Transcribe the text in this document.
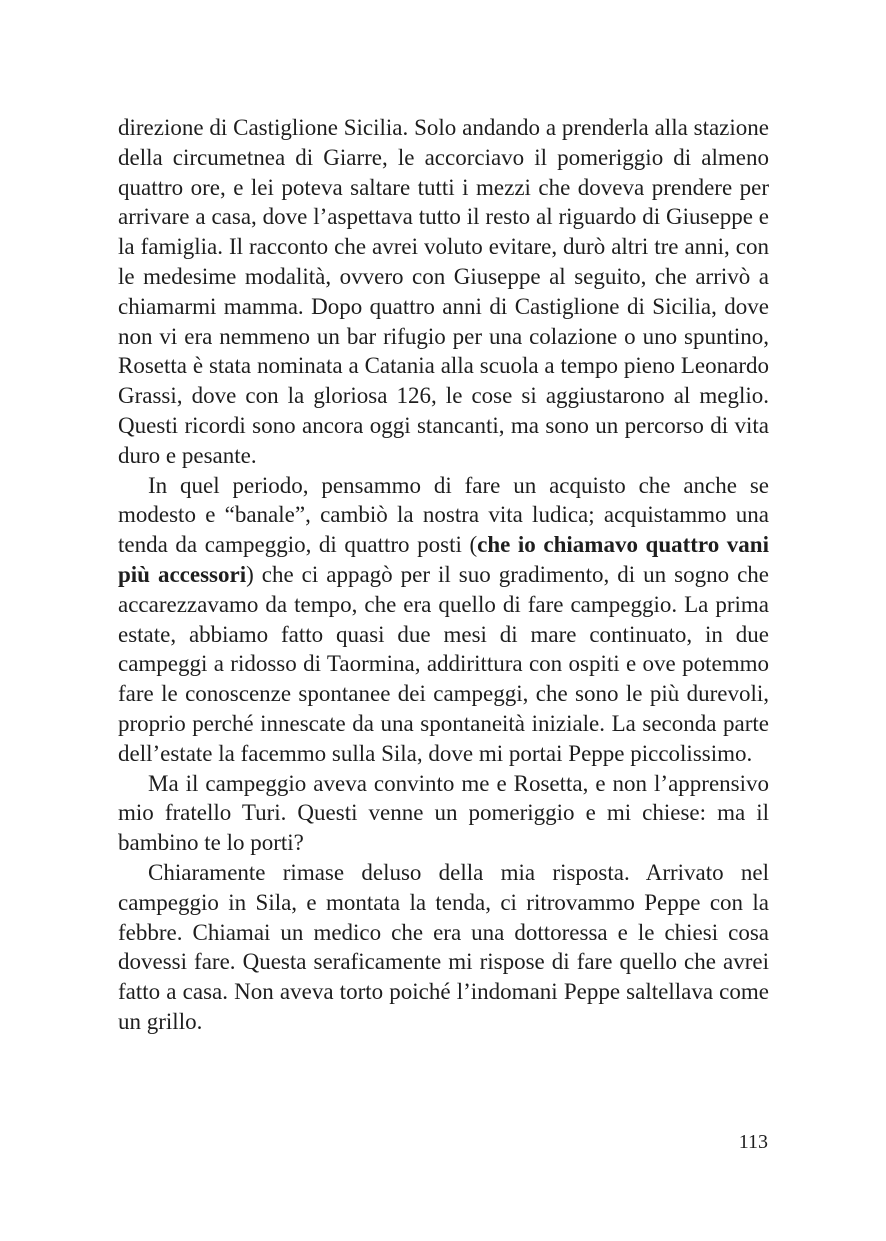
direzione di Castiglione Sicilia. Solo andando a prenderla alla stazione della circumetnea di Giarre, le accorciavo il pomeriggio di almeno quattro ore, e lei poteva saltare tutti i mezzi che doveva prendere per arrivare a casa, dove l’aspettava tutto il resto al riguardo di Giuseppe e la famiglia. Il racconto che avrei voluto evitare, durò altri tre anni, con le medesime modalità, ovvero con Giuseppe al seguito, che arrivò a chiamarmi mamma. Dopo quattro anni di Castiglione di Sicilia, dove non vi era nemmeno un bar rifugio per una colazione o uno spuntino, Rosetta è stata nominata a Catania alla scuola a tempo pieno Leonardo Grassi, dove con la gloriosa 126, le cose si aggiustarono al meglio. Questi ricordi sono ancora oggi stancanti, ma sono un percorso di vita duro e pesante.

In quel periodo, pensammo di fare un acquisto che anche se modesto e “banale”, cambiò la nostra vita ludica; acquistammo una tenda da campeggio, di quattro posti (che io chiamavo quattro vani più accessori) che ci appagò per il suo gradimento, di un sogno che accarezzavamo da tempo, che era quello di fare campeggio. La prima estate, abbiamo fatto quasi due mesi di mare continuato, in due campeggi a ridosso di Taormina, addirittura con ospiti e ove potemmo fare le conoscenze spontanee dei campeggi, che sono le più durevoli, proprio perché innescate da una spontaneità iniziale. La seconda parte dell’estate la facemmo sulla Sila, dove mi portai Peppe piccolissimo.

Ma il campeggio aveva convinto me e Rosetta, e non l’apprensivo mio fratello Turi. Questi venne un pomeriggio e mi chiese: ma il bambino te lo porti?

Chiaramente rimase deluso della mia risposta. Arrivato nel campeggio in Sila, e montata la tenda, ci ritrovammo Peppe con la febbre. Chiamai un medico che era una dottoressa e le chiesi cosa dovessi fare. Questa seraficamente mi rispose di fare quello che avrei fatto a casa. Non aveva torto poiché l’indomani Peppe saltellava come un grillo.

113
